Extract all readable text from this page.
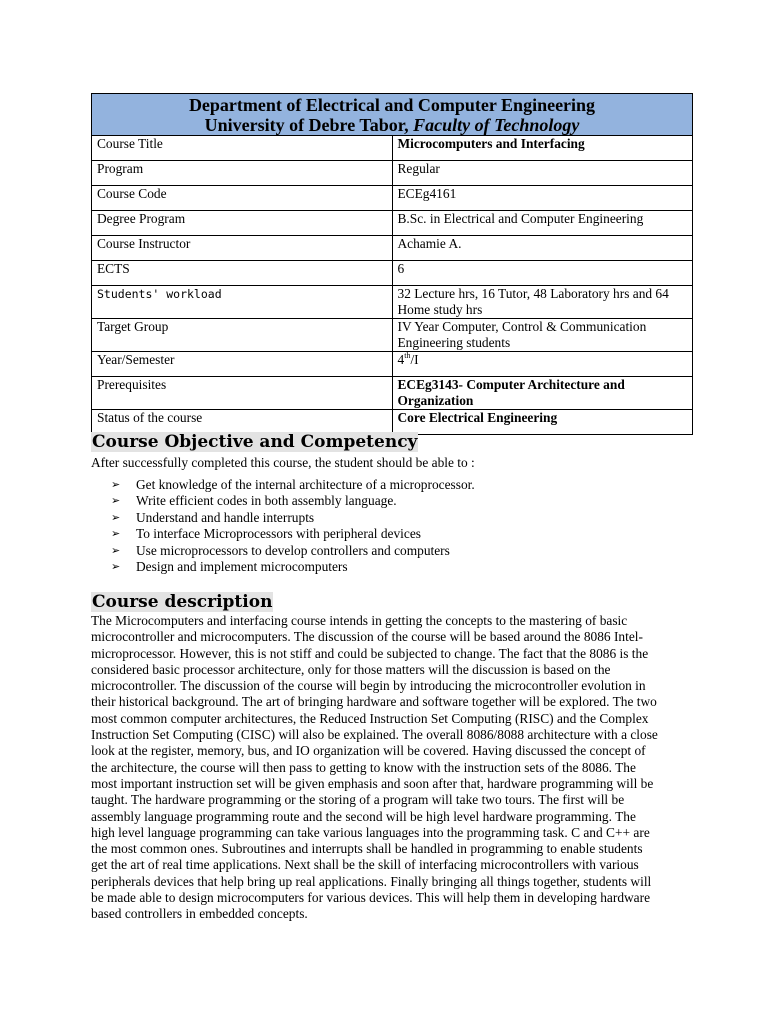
Department of Electrical and Computer Engineering
University of Debre Tabor, Faculty of Technology	

Course Title	Microcomputers and Interfacing
Program	Regular
Course Code	ECEg4161
Degree Program	B.Sc. in Electrical and Computer Engineering
Course Instructor	Achamie A.
ECTS	6
Students' workload	32 Lecture hrs, 16 Tutor, 48 Laboratory hrs and 64 Home study hrs
Target Group	IV Year Computer, Control & Communication Engineering students
Year/Semester	4th/I
Prerequisites	ECEg3143- Computer Architecture and Organization
Status of the course	Core Electrical Engineering
Course Objective and Competency

After successfully completed this course, the student should be able to :

➢	Get knowledge of the internal architecture of a microprocessor.
➢	Write efficient codes in both assembly language.
➢	Understand and handle interrupts
➢	To interface Microprocessors with peripheral devices
➢	Use microprocessors to develop controllers and computers
➢	Design and implement microcomputers
Course description

The Microcomputers and interfacing course intends in getting the concepts to the mastering of basic
microcontroller and microcomputers. The discussion of the course will be based around the 8086 Intel-
microprocessor. However, this is not stiff and could be subjected to change. The fact that the 8086 is the
considered basic processor architecture, only for those matters will the discussion is based on the
microcontroller. The discussion of the course will begin by introducing the microcontroller evolution in
their historical background. The art of bringing hardware and software together will be explored. The two
most common computer architectures, the Reduced Instruction Set Computing (RISC) and the Complex
Instruction Set Computing (CISC) will also be explained. The overall 8086/8088 architecture with a close
look at the register, memory, bus, and IO organization will be covered. Having discussed the concept of
the architecture, the course will then pass to getting to know with the instruction sets of the 8086. The
most important instruction set will be given emphasis and soon after that, hardware programming will be
taught. The hardware programming or the storing of a program will take two tours. The first will be
assembly language programming route and the second will be high level hardware programming. The
high level language programming can take various languages into the programming task. C and C++ are
the most common ones. Subroutines and interrupts shall be handled in programming to enable students
get the art of real time applications. Next shall be the skill of interfacing microcontrollers with various
peripherals devices that help bring up real applications. Finally bringing all things together, students will
be made able to design microcomputers for various devices. This will help them in developing hardware
based controllers in embedded concepts.
